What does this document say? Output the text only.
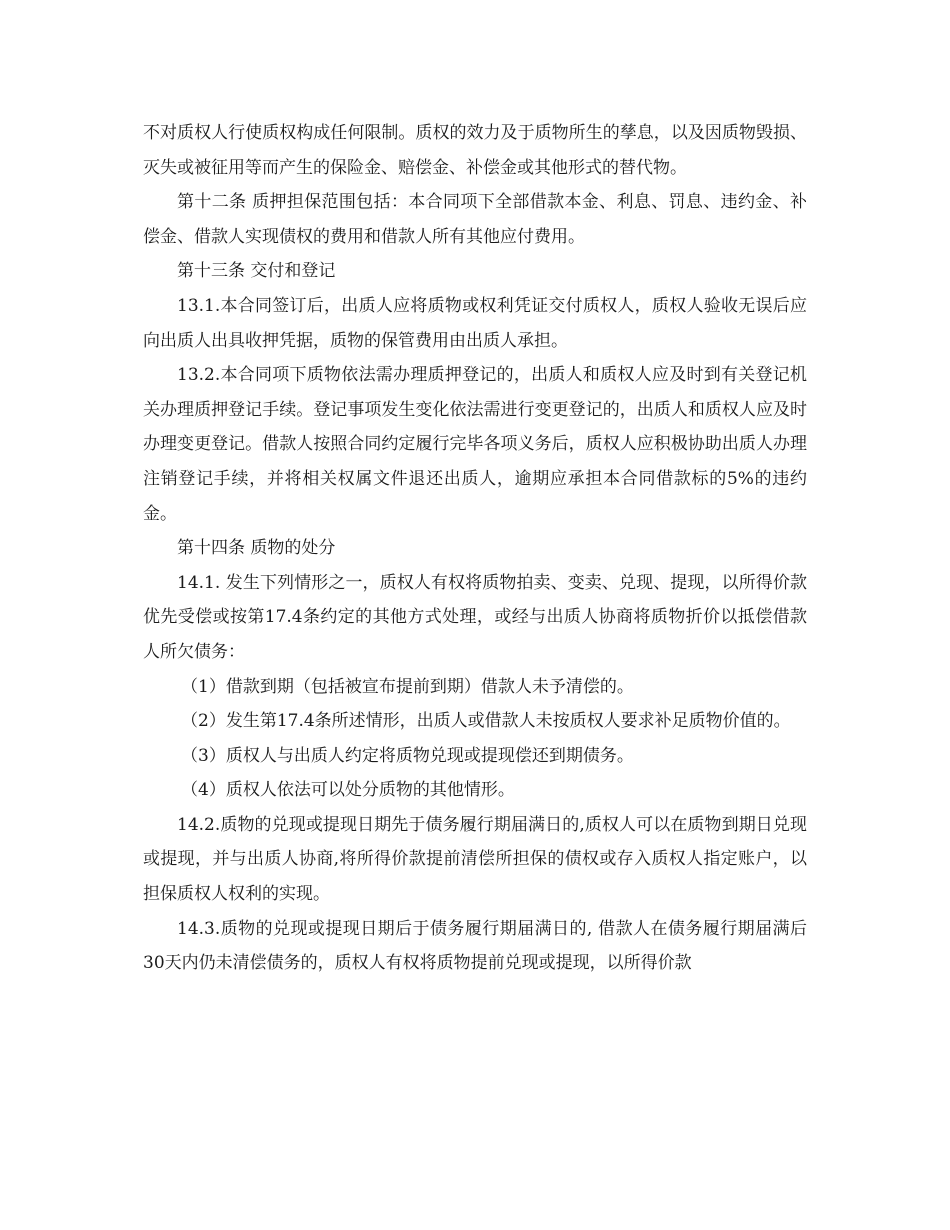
不对质权人行使质权构成任何限制。质权的效力及于质物所生的孳息，以及因质物毁损、灭失或被征用等而产生的保险金、赔偿金、补偿金或其他形式的替代物。

第十二条 质押担保范围包括：本合同项下全部借款本金、利息、罚息、违约金、补偿金、借款人实现债权的费用和借款人所有其他应付费用。

第十三条 交付和登记

13.1.本合同签订后，出质人应将质物或权利凭证交付质权人，质权人验收无误后应向出质人出具收押凭据，质物的保管费用由出质人承担。

13.2.本合同项下质物依法需办理质押登记的，出质人和质权人应及时到有关登记机关办理质押登记手续。登记事项发生变化依法需进行变更登记的，出质人和质权人应及时办理变更登记。借款人按照合同约定履行完毕各项义务后，质权人应积极协助出质人办理注销登记手续，并将相关权属文件退还出质人，逾期应承担本合同借款标的5%的违约金。

第十四条 质物的处分

14.1. 发生下列情形之一，质权人有权将质物拍卖、变卖、兑现、提现，以所得价款优先受偿或按第17.4条约定的其他方式处理，或经与出质人协商将质物折价以抵偿借款人所欠债务：

（1）借款到期（包括被宣布提前到期）借款人未予清偿的。

（2）发生第17.4条所述情形，出质人或借款人未按质权人要求补足质物价值的。

（3）质权人与出质人约定将质物兑现或提现偿还到期债务。

（4）质权人依法可以处分质物的其他情形。

14.2.质物的兑现或提现日期先于债务履行期届满日的,质权人可以在质物到期日兑现或提现，并与出质人协商,将所得价款提前清偿所担保的债权或存入质权人指定账户，以担保质权人权利的实现。

14.3.质物的兑现或提现日期后于债务履行期届满日的, 借款人在债务履行期届满后30天内仍未清偿债务的，质权人有权将质物提前兑现或提现，以所得价款
